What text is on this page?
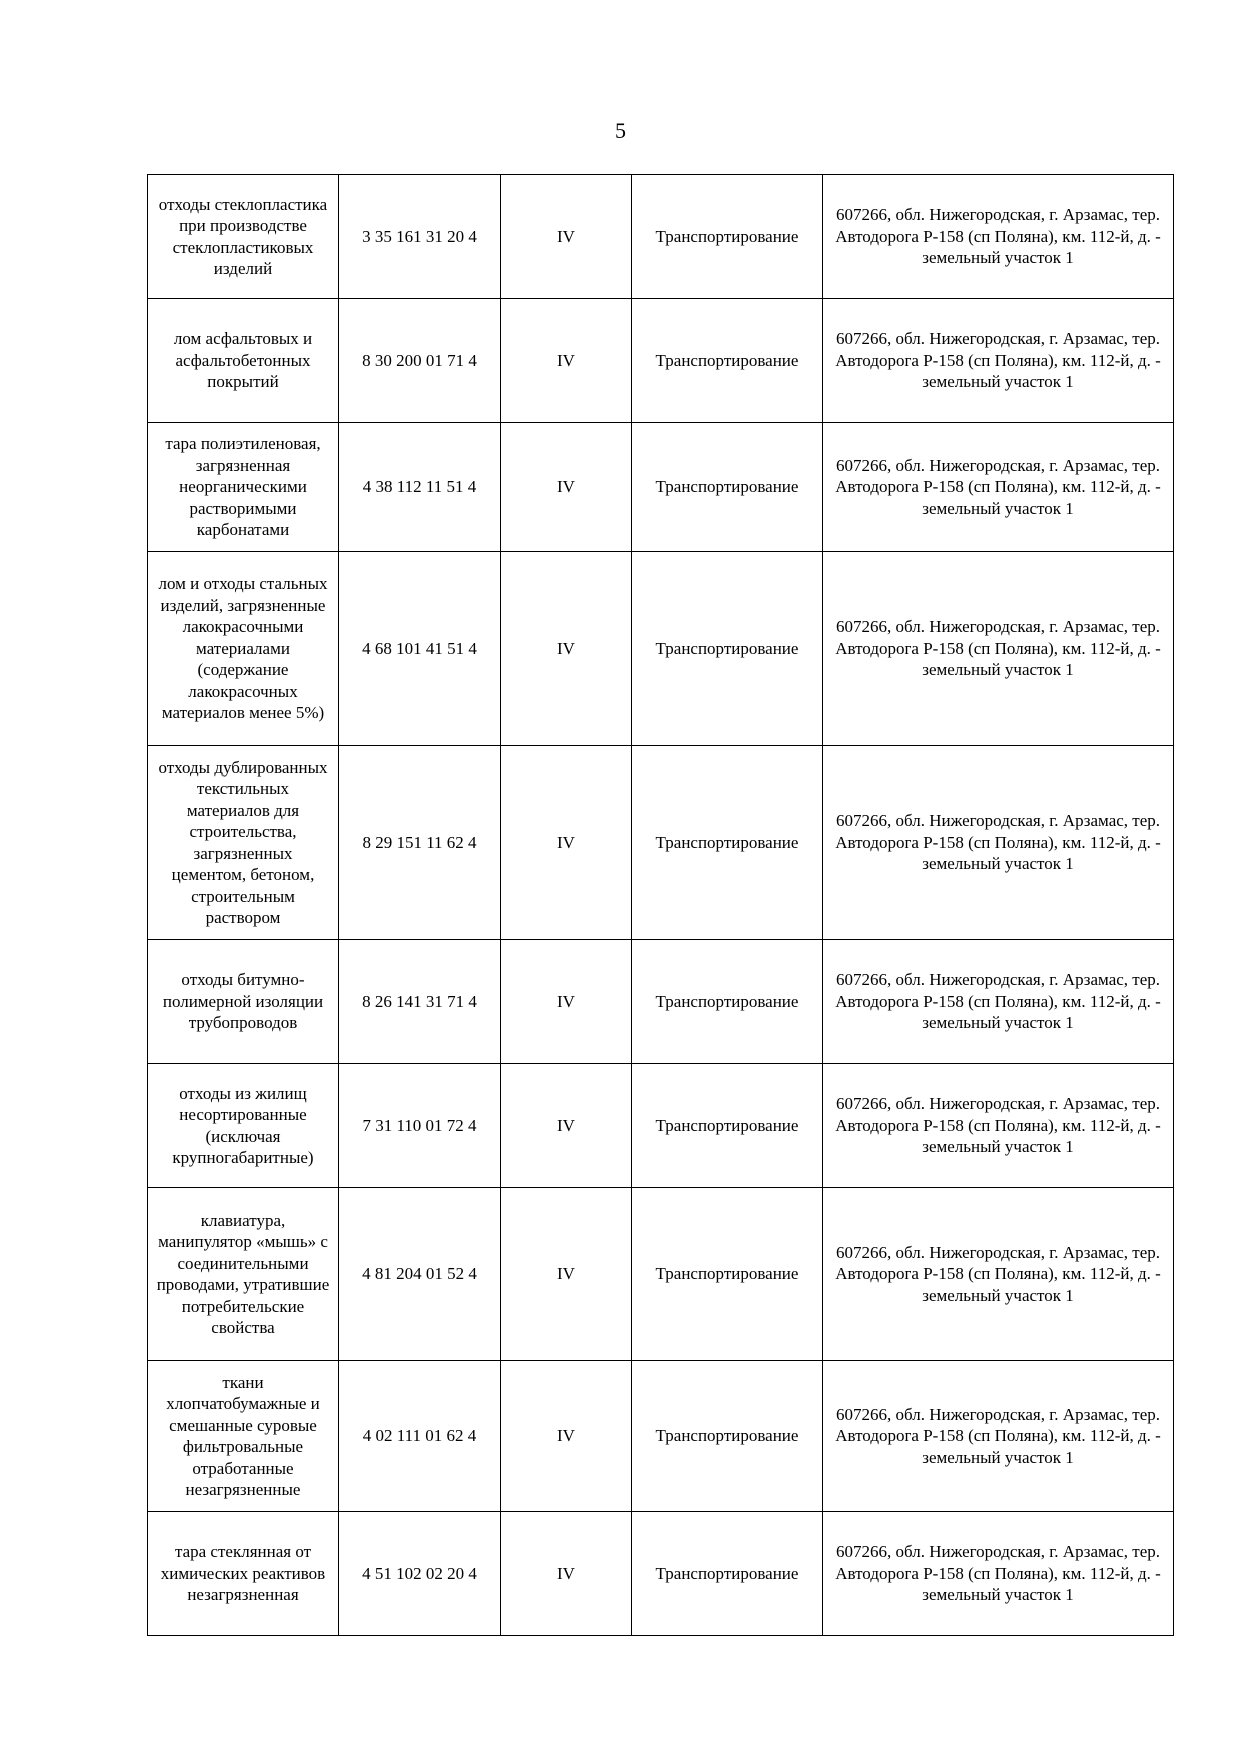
5
отходы стеклопластика при производстве стеклопластиковых изделий	3 35 161 31 20 4	IV	Транспортирование	607266, обл. Нижегородская, г. Арзамас, тер. Автодорога Р-158 (сп Поляна), км. 112-й, д. - земельный участок 1
лом асфальтовых и асфальтобетонных покрытий	8 30 200 01 71 4	IV	Транспортирование	607266, обл. Нижегородская, г. Арзамас, тер. Автодорога Р-158 (сп Поляна), км. 112-й, д. - земельный участок 1
тара полиэтиленовая, загрязненная неорганическими растворимыми карбонатами	4 38 112 11 51 4	IV	Транспортирование	607266, обл. Нижегородская, г. Арзамас, тер. Автодорога Р-158 (сп Поляна), км. 112-й, д. - земельный участок 1
лом и отходы стальных изделий, загрязненные лакокрасочными материалами (содержание лакокрасочных материалов менее 5%)	4 68 101 41 51 4	IV	Транспортирование	607266, обл. Нижегородская, г. Арзамас, тер. Автодорога Р-158 (сп Поляна), км. 112-й, д. - земельный участок 1
отходы дублированных текстильных материалов для строительства, загрязненных цементом, бетоном, строительным раствором	8 29 151 11 62 4	IV	Транспортирование	607266, обл. Нижегородская, г. Арзамас, тер. Автодорога Р-158 (сп Поляна), км. 112-й, д. - земельный участок 1
отходы битумно-полимерной изоляции трубопроводов	8 26 141 31 71 4	IV	Транспортирование	607266, обл. Нижегородская, г. Арзамас, тер. Автодорога Р-158 (сп Поляна), км. 112-й, д. - земельный участок 1
отходы из жилищ несортированные (исключая крупногабаритные)	7 31 110 01 72 4	IV	Транспортирование	607266, обл. Нижегородская, г. Арзамас, тер. Автодорога Р-158 (сп Поляна), км. 112-й, д. - земельный участок 1
клавиатура, манипулятор «мышь» с соединительными проводами, утратившие потребительские свойства	4 81 204 01 52 4	IV	Транспортирование	607266, обл. Нижегородская, г. Арзамас, тер. Автодорога Р-158 (сп Поляна), км. 112-й, д. - земельный участок 1
ткани хлопчатобумажные и смешанные суровые фильтровальные отработанные незагрязненные	4 02 111 01 62 4	IV	Транспортирование	607266, обл. Нижегородская, г. Арзамас, тер. Автодорога Р-158 (сп Поляна), км. 112-й, д. - земельный участок 1
тара стеклянная от химических реактивов незагрязненная	4 51 102 02 20 4	IV	Транспортирование	607266, обл. Нижегородская, г. Арзамас, тер. Автодорога Р-158 (сп Поляна), км. 112-й, д. - земельный участок 1
